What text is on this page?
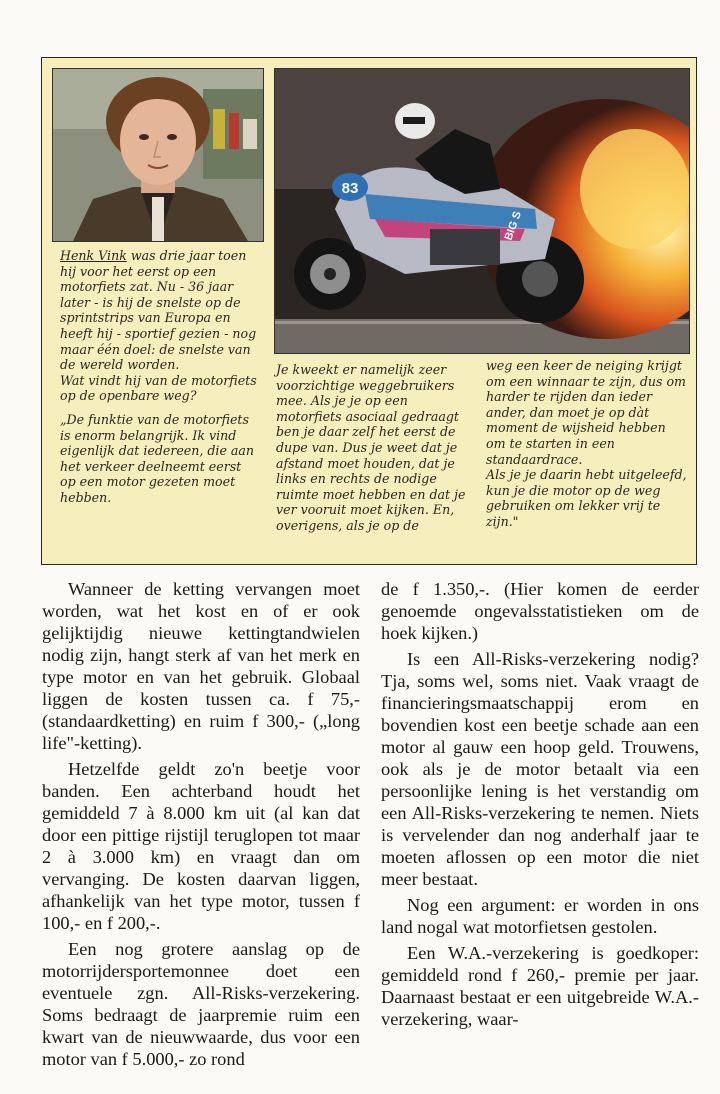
83
BIG S

Henk Vink was drie jaar toen hij voor het eerst op een motorfiets zat. Nu - 36 jaar later - is hij de snelste op de sprintstrips van Europa en heeft hij - sportief gezien - nog maar één doel: de snelste van de wereld worden.

Wat vindt hij van de motorfiets op de openbare weg?

„De funktie van de motorfiets is enorm belangrijk. Ik vind eigenlijk dat iedereen, die aan het verkeer deelneemt eerst op een motor gezeten moet hebben.

Je kweekt er namelijk zeer voorzichtige weggebruikers mee. Als je je op een motorfiets asociaal gedraagt ben je daar zelf het eerst de dupe van. Dus je weet dat je afstand moet houden, dat je links en rechts de nodige ruimte moet hebben en dat je ver vooruit moet kijken. En, overigens, als je op de

weg een keer de neiging krijgt om een winnaar te zijn, dus om harder te rijden dan ieder ander, dan moet je op dàt moment de wijsheid hebben om te starten in een standaardrace.

Als je je daarin hebt uitgeleefd, kun je die motor op de weg gebruiken om lekker vrij te zijn."

Wanneer de ketting vervangen moet worden, wat het kost en of er ook gelijktijdig nieuwe kettingtandwielen nodig zijn, hangt sterk af van het merk en type motor en van het gebruik. Globaal liggen de kosten tussen ca. f 75,- (standaardketting) en ruim f 300,- („long life"-ketting).

Hetzelfde geldt zo'n beetje voor banden. Een achterband houdt het gemiddeld 7 à 8.000 km uit (al kan dat door een pittige rijstijl teruglopen tot maar 2 à 3.000 km) en vraagt dan om vervanging. De kosten daarvan liggen, afhankelijk van het type motor, tussen f 100,- en f 200,-.

Een nog grotere aanslag op de motorrijdersportemonnee doet een eventuele zgn. All-Risks-verzekering. Soms bedraagt de jaarpremie ruim een kwart van de nieuwwaarde, dus voor een motor van f 5.000,- zo rond

de f 1.350,-. (Hier komen de eerder genoemde ongevalsstatistieken om de hoek kijken.)

Is een All-Risks-verzekering nodig? Tja, soms wel, soms niet. Vaak vraagt de financieringsmaatschappij erom en bovendien kost een beetje schade aan een motor al gauw een hoop geld. Trouwens, ook als je de motor betaalt via een persoonlijke lening is het verstandig om een All-Risks-verzekering te nemen. Niets is vervelender dan nog anderhalf jaar te moeten aflossen op een motor die niet meer bestaat.

Nog een argument: er worden in ons land nogal wat motorfietsen gestolen.

Een W.A.-verzekering is goedkoper: gemiddeld rond f 260,- premie per jaar. Daarnaast bestaat er een uitgebreide W.A.-verzekering, waar-
